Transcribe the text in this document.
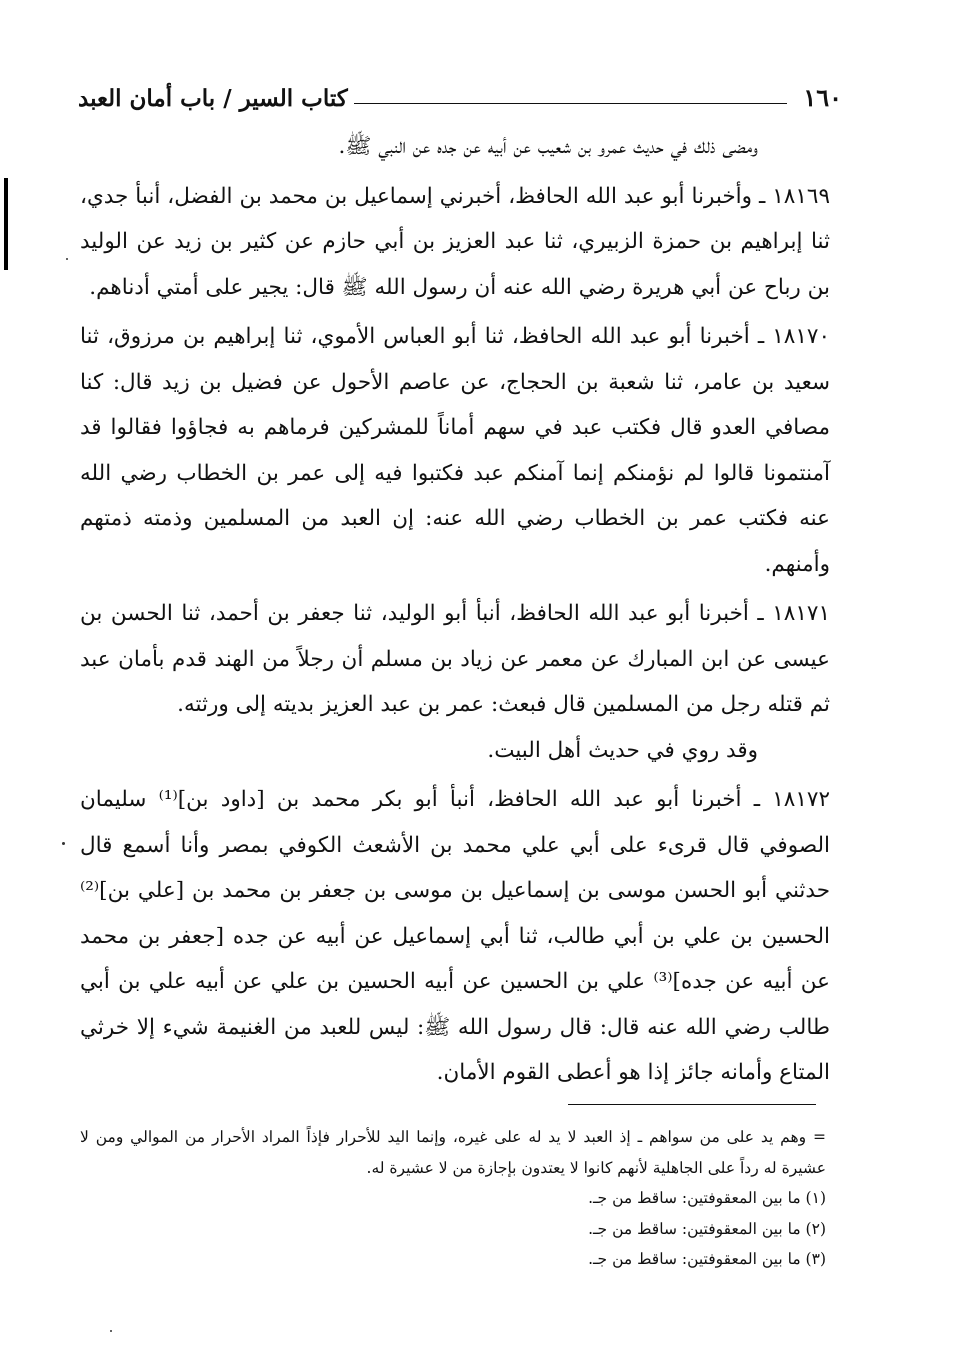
١٦٠
كتاب السير / باب أمان العبد

ومضى ذلك في حديث عمرو بن شعيب عن أبيه عن جده عن النبي ﷺ.

١٨١٦٩ ـ وأخبرنا أبو عبد الله الحافظ، أخبرني إسماعيل بن محمد بن الفضل، أنبأ جدي، ثنا إبراهيم بن حمزة الزبيري، ثنا عبد العزيز بن أبي حازم عن كثير بن زيد عن الوليد بن رباح عن أبي هريرة رضي الله عنه أن رسول الله ﷺ قال: يجير على أمتي أدناهم.

١٨١٧٠ ـ أخبرنا أبو عبد الله الحافظ، ثنا أبو العباس الأموي، ثنا إبراهيم بن مرزوق، ثنا سعيد بن عامر، ثنا شعبة بن الحجاج، عن عاصم الأحول عن فضيل بن زيد قال: كنا مصافي العدو قال فكتب عبد في سهم أماناً للمشركين فرماهم به فجاؤوا فقالوا قد آمنتمونا قالوا لم نؤمنكم إنما آمنكم عبد فكتبوا فيه إلى عمر بن الخطاب رضي الله عنه فكتب عمر بن الخطاب رضي الله عنه: إن العبد من المسلمين وذمته ذمتهم وأمنهم.

١٨١٧١ ـ أخبرنا أبو عبد الله الحافظ، أنبأ أبو الوليد، ثنا جعفر بن أحمد، ثنا الحسن بن عيسى عن ابن المبارك عن معمر عن زياد بن مسلم أن رجلاً من الهند قدم بأمان عبد ثم قتله رجل من المسلمين قال فبعث: عمر بن عبد العزيز بديته إلى ورثته.

وقد روي في حديث أهل البيت.

١٨١٧٢ ـ أخبرنا أبو عبد الله الحافظ، أنبأ أبو بكر محمد بن [داود بن]⁽¹⁾ سليمان الصوفي قال قرىء على أبي علي محمد بن الأشعث الكوفي بمصر وأنا أسمع قال حدثني أبو الحسن موسى بن إسماعيل بن موسى بن جعفر بن محمد بن [علي بن]⁽²⁾ الحسين بن علي بن أبي طالب، ثنا أبي إسماعيل عن أبيه عن جده [جعفر بن محمد عن أبيه عن جده]⁽³⁾ علي بن الحسين عن أبيه الحسين بن علي عن أبيه علي بن أبي طالب رضي الله عنه قال: قال رسول الله ﷺ: ليس للعبد من الغنيمة شيء إلا خرثي المتاع وأمانه جائز إذا هو أعطى القوم الأمان.

= وهم يد على من سواهم ـ إذ العبد لا يد له على غيره، وإنما اليد للأحرار فإذاً المراد الأحرار من الموالي ومن لا عشيرة له رداً على الجاهلية لأنهم كانوا لا يعتدون بإجازة من لا عشيرة له.

(١) ما بين المعقوفتين: ساقط من جـ.

(٢) ما بين المعقوفتين: ساقط من جـ.

(٣) ما بين المعقوفتين: ساقط من جـ.
